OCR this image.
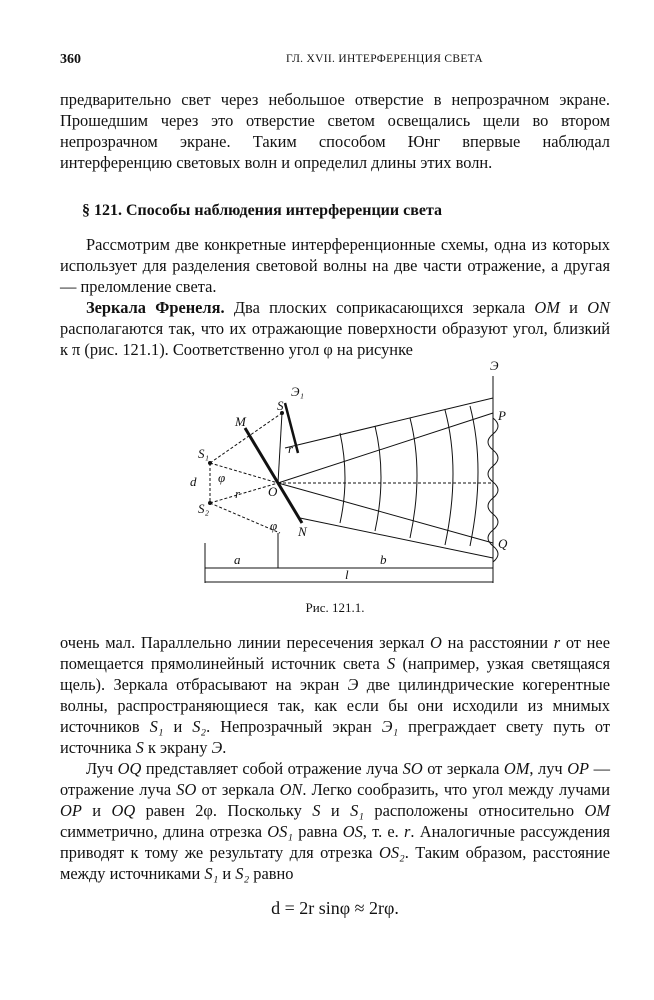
360	ГЛ. XVII. ИНТЕРФЕРЕНЦИЯ СВЕТА

предварительно свет через небольшое отверстие в непрозрачном экране. Прошедшим через это отверстие светом освещались щели во втором непрозрачном экране. Таким способом Юнг впервые наблюдал интерференцию световых волн и определил длины этих волн.

§ 121. Способы наблюдения интерференции света

Рассмотрим две конкретные интерференционные схемы, одна из которых использует для разделения световой волны на две части отражение, а другая — преломление света.

Зеркала Френеля. Два плоских соприкасающихся зеркала OM и ON располагаются так, что их отражающие поверхности образуют угол, близкий к π (рис. 121.1). Соответственно угол φ на рисунке

Э
Э₁
S
S₁
S₂
M
N
O
P
Q
d
r
r
φ
φ
a	b
l
Рис. 121.1.

очень мал. Параллельно линии пересечения зеркал O на расстоянии r от нее помещается прямолинейный источник света S (например, узкая светящаяся щель). Зеркала отбрасывают на экран Э две цилиндрические когерентные волны, распространяющиеся так, как если бы они исходили из мнимых источников S₁ и S₂. Непрозрачный экран Э₁ преграждает свету путь от источника S к экрану Э.

Луч OQ представляет собой отражение луча SO от зеркала OM, луч OP — отражение луча SO от зеркала ON. Легко сообразить, что угол между лучами OP и OQ равен 2φ. Поскольку S и S₁ расположены относительно OM симметрично, длина отрезка OS₁ равна OS, т. е. r. Аналогичные рассуждения приводят к тому же результату для отрезка OS₂. Таким образом, расстояние между источниками S₁ и S₂ равно

d = 2r sinφ ≈ 2rφ.
